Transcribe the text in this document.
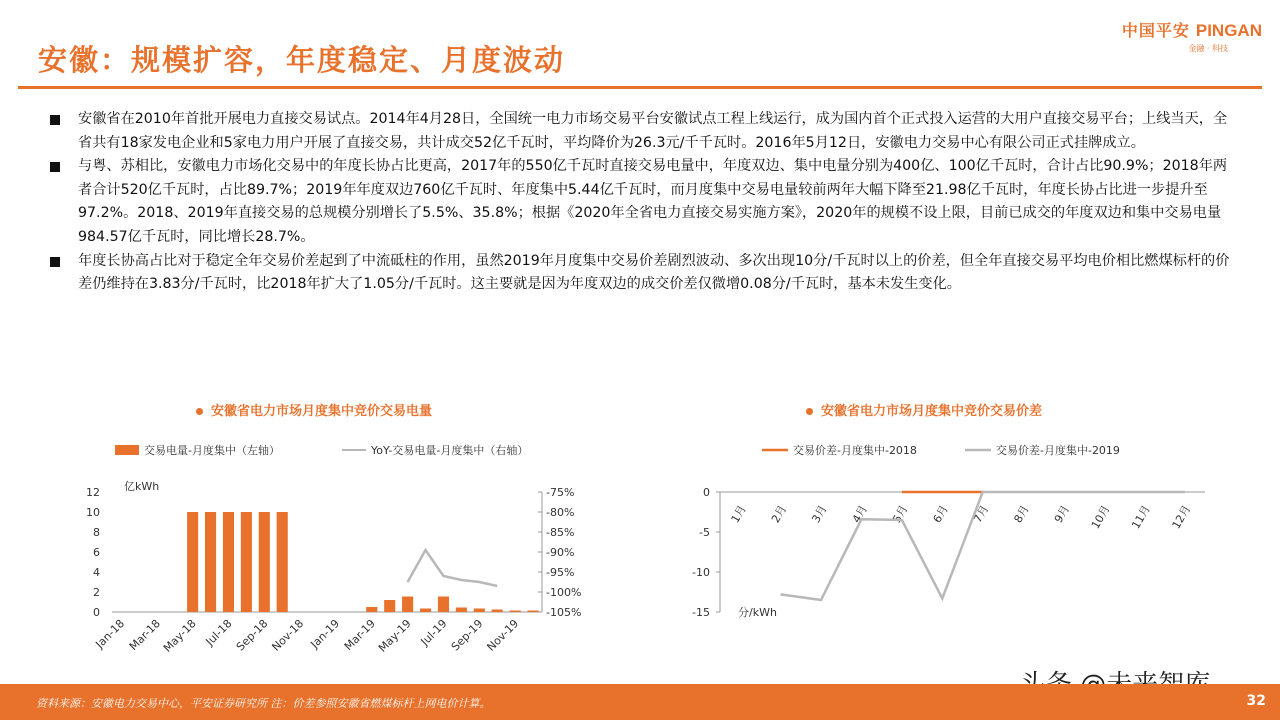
安徽：规模扩容，年度稳定、月度波动
中国平安 PINGAN
金融 · 科技
安徽省在2010年首批开展电力直接交易试点。2014年4月28日，全国统一电力市场交易平台安徽试点工程上线运行，成为国内首个正式投入运营的大用户直接交易平台；上线当天，全省共有18家发电企业和5家电力用户开展了直接交易，共计成交52亿千瓦时，平均降价为26.3元/千千瓦时。2016年5月12日，安徽电力交易中心有限公司正式挂牌成立。
与粤、苏相比，安徽电力市场化交易中的年度长协占比更高，2017年的550亿千瓦时直接交易电量中，年度双边、集中电量分别为400亿、100亿千瓦时，合计占比90.9%；2018年两者合计520亿千瓦时，占比89.7%；2019年年度双边760亿千瓦时、年度集中5.44亿千瓦时，而月度集中交易电量较前两年大幅下降至21.98亿千瓦时，年度长协占比进一步提升至97.2%。2018、2019年直接交易的总规模分别增长了5.5%、35.8%；根据《2020年全省电力直接交易实施方案》，2020年的规模不设上限，目前已成交的年度双边和集中交易电量984.57亿千瓦时，同比增长28.7%。
年度长协高占比对于稳定全年交易价差起到了中流砥柱的作用，虽然2019年月度集中交易价差剧烈波动、多次出现10分/千瓦时以上的价差，但全年直接交易平均电价相比燃煤标杆的价差仍维持在3.83分/千瓦时，比2018年扩大了1.05分/千瓦时。这主要就是因为年度双边的成交价差仅微增0.08分/千瓦时，基本未发生变化。
安徽省电力市场月度集中竞价交易电量	安徽省电力市场月度集中竞价交易价差
交易电量-月度集中（左轴）	YoY-交易电量-月度集中（右轴）
亿kWh
0
2
4
6
8
10
12
-105%
-100%
-95%
-90%
-85%
-80%
-75%
Jan-18 Mar-18
May-18 Jul-18 Sep-18
Nov-18 Jan-19 Mar-19
May-19 Jul-19 Sep-19
Nov-19
交易价差-月度集中-2018	交易价差-月度集中-2019
0
-5
-10
-15	分/kWh
1月 2月 3月 4月 5月 6月 7月 8月 9月 10月 11月 12月
资料来源：安徽电力交易中心，平安证券研究所 注：价差参照安徽省燃煤标杆上网电价计算。	32
